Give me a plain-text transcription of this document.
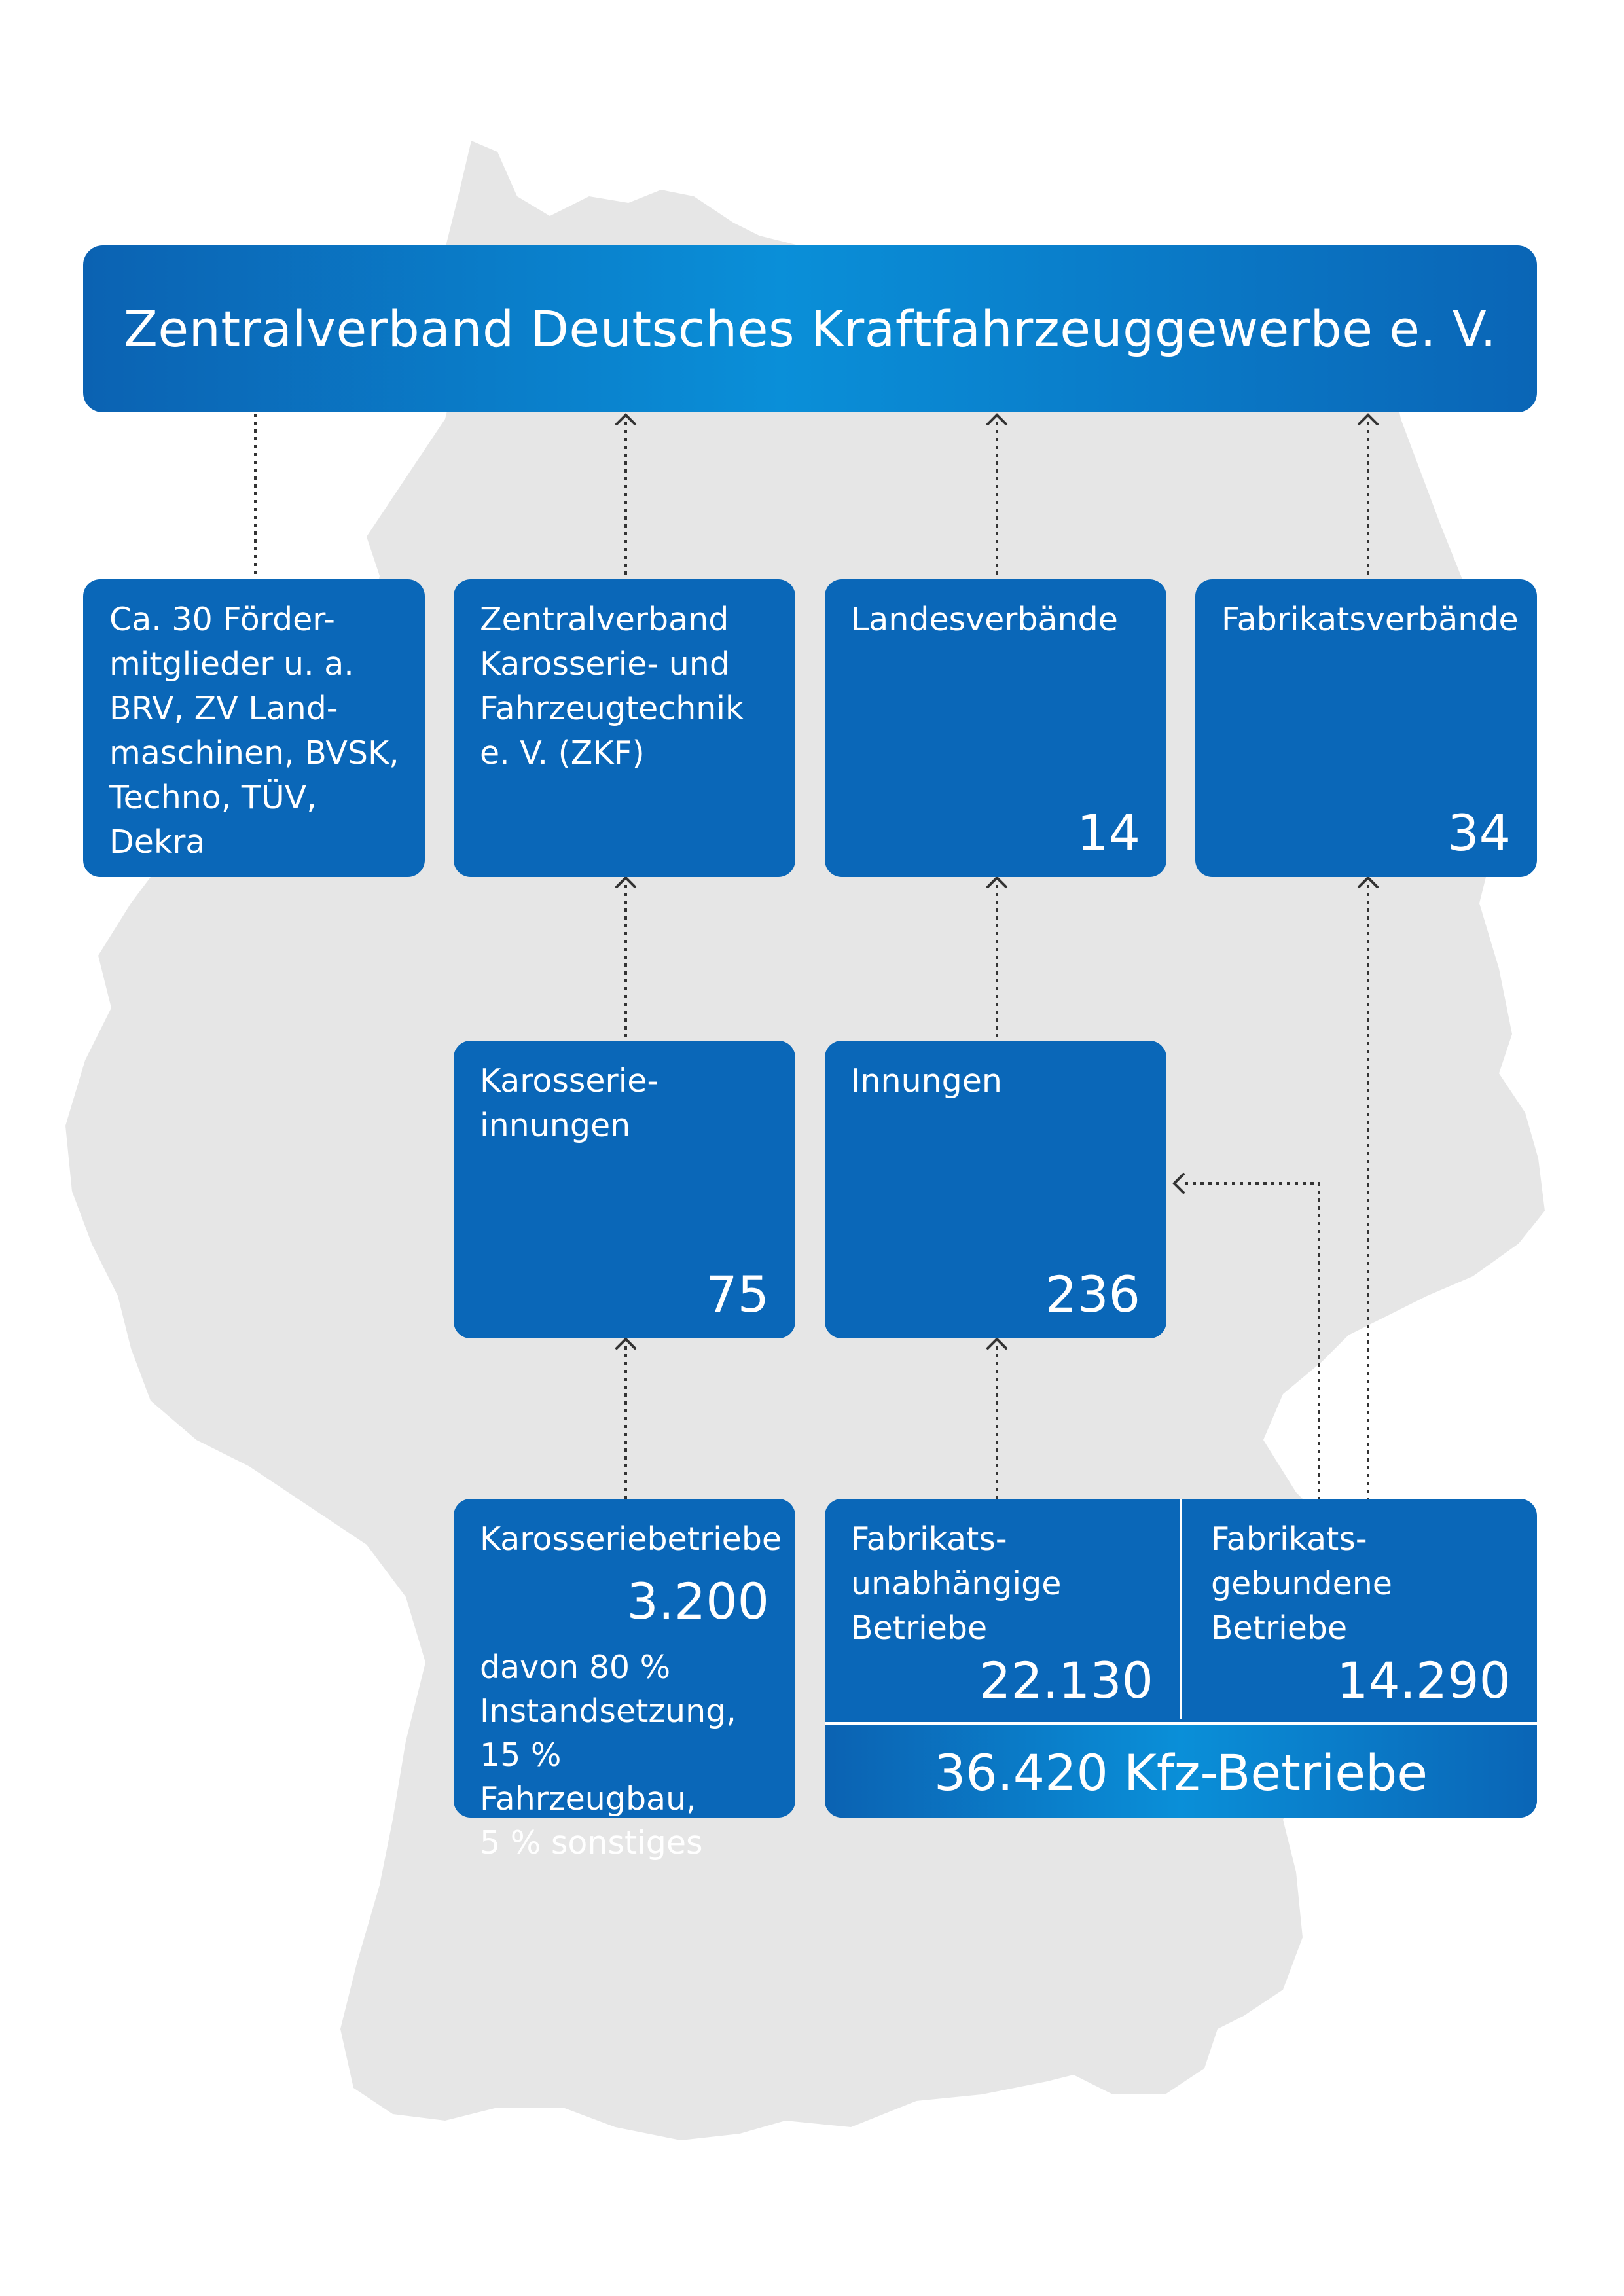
Zentralverband Deutsches Kraftfahrzeuggewerbe e. V.
Ca. 30 Förder-
mitglieder u. a.
BRV, ZV Land-
maschinen, BVSK,
Techno, TÜV, Dekra
Zentralverband
Karosserie- und
Fahrzeugtechnik
e. V. (ZKF)
Landesverbände
14
Fabrikatsverbände
34
Karosserie-
innungen
75
Innungen
236
Karosseriebetriebe
3.200
davon 80 %
Instandsetzung,
15 % Fahrzeugbau,
5 % sonstiges
Fabrikats-
unabhängige
Betriebe
22.130
Fabrikats-
gebundene
Betriebe
14.290
36.420 Kfz-Betriebe
